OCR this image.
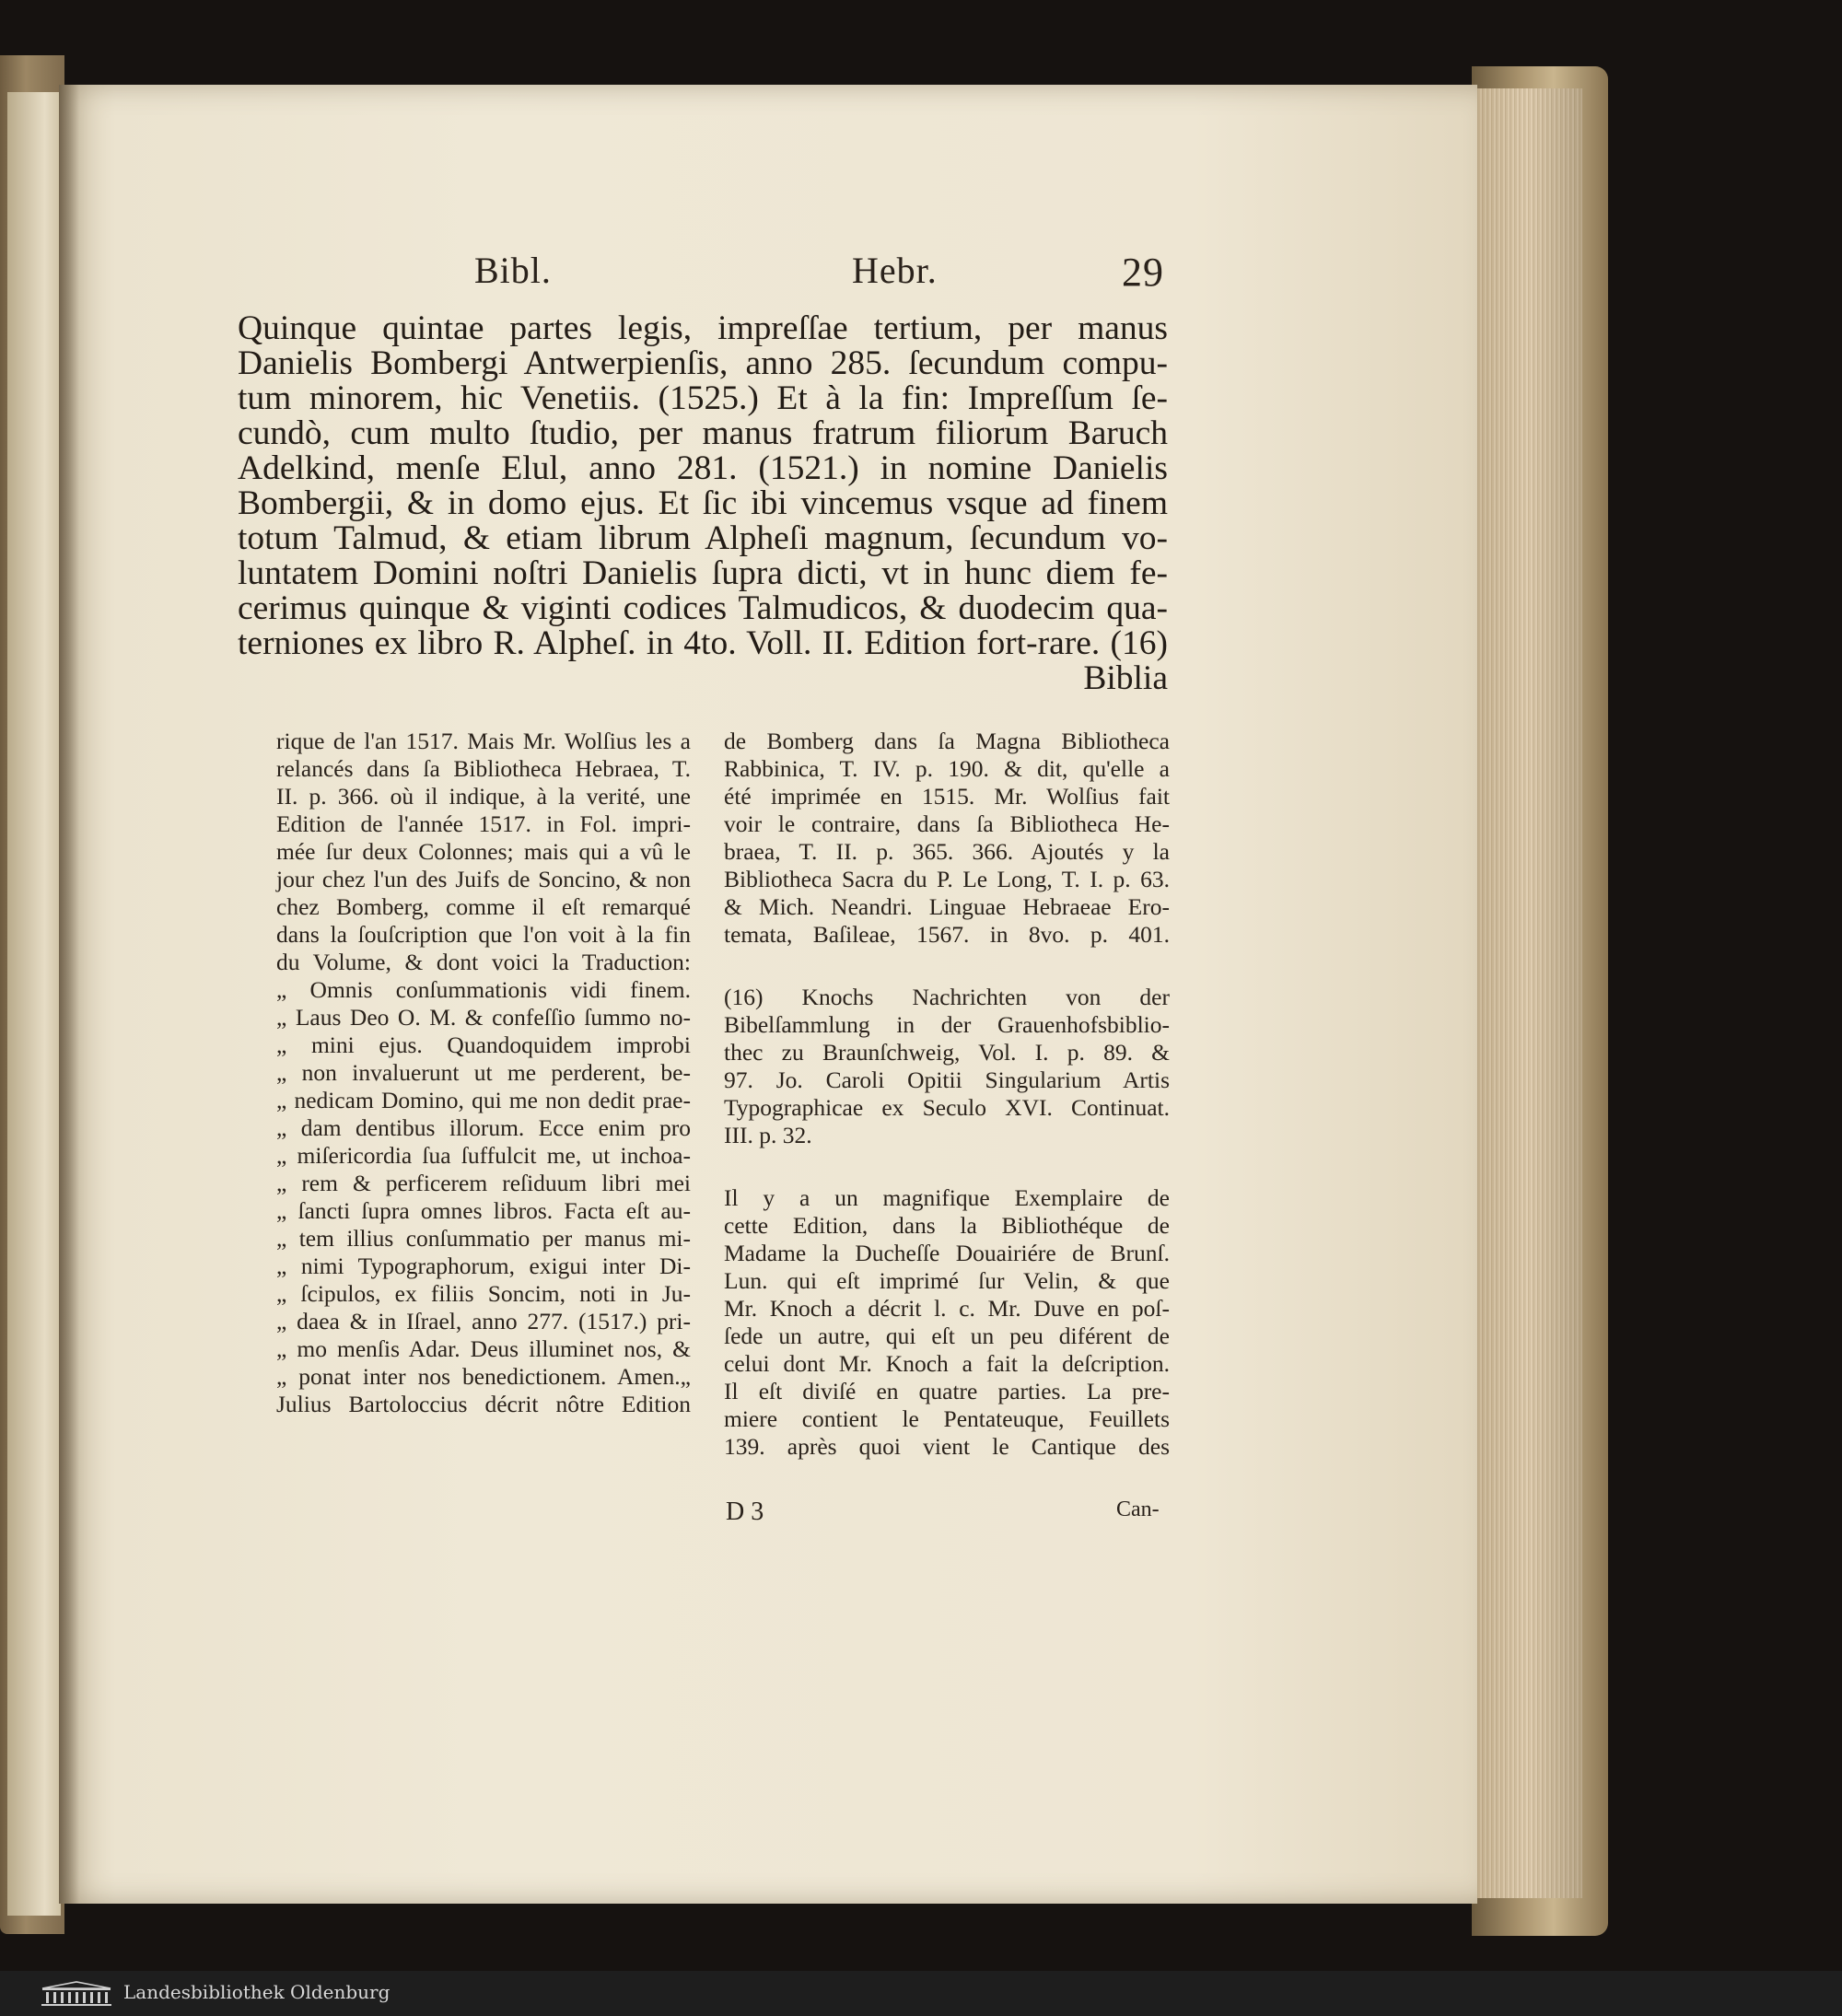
Bibl.	Hebr.	29
Quinque quintae partes legis, impreſſae tertium, per manus
Danielis Bombergi Antwerpienſis, anno 285. ſecundum compu-
tum minorem, hic Venetiis. (1525.) Et à la fin: Impreſſum ſe-
cundò, cum multo ſtudio, per manus fratrum filiorum Baruch
Adelkind, menſe Elul, anno 281. (1521.) in nomine Danielis
Bombergii, & in domo ejus. Et ſic ibi vincemus vsque ad finem
totum Talmud, & etiam librum Alpheſi magnum, ſecundum vo-
luntatem Domini noſtri Danielis ſupra dicti, vt in hunc diem fe-
cerimus quinque & viginti codices Talmudicos, & duodecim qua-
terniones ex libro R. Alpheſ. in 4to. Voll. II. Edition fort-rare. (16)
Biblia
rique de l'an 1517. Mais Mr. Wolſius les a
relancés dans ſa Bibliotheca Hebraea, T.
II. p. 366. où il indique, à la verité, une
Edition de l'année 1517. in Fol. impri-
mée ſur deux Colonnes; mais qui a vû le
jour chez l'un des Juifs de Soncino, & non
chez Bomberg, comme il eſt remarqué
dans la ſouſcription que l'on voit à la fin
du Volume, & dont voici la Traduction:
„ Omnis conſummationis vidi finem.
„ Laus Deo O. M. & confeſſio ſummo no-
„ mini ejus. Quandoquidem improbi
„ non invaluerunt ut me perderent, be-
„ nedicam Domino, qui me non dedit prae-
„ dam dentibus illorum. Ecce enim pro
„ miſericordia ſua ſuffulcit me, ut inchoa-
„ rem & perficerem reſiduum libri mei
„ ſancti ſupra omnes libros. Facta eſt au-
„ tem illius conſummatio per manus mi-
„ nimi Typographorum, exigui inter Di-
„ ſcipulos, ex filiis Soncim, noti in Ju-
„ daea & in Iſrael, anno 277. (1517.) pri-
„ mo menſis Adar. Deus illuminet nos, &
„ ponat inter nos benedictionem. Amen.„
Julius Bartoloccius décrit nôtre Edition
de Bomberg dans ſa Magna Bibliotheca
Rabbinica, T. IV. p. 190. & dit, qu'elle a
été imprimée en 1515. Mr. Wolſius fait
voir le contraire, dans ſa Bibliotheca He-
braea, T. II. p. 365. 366. Ajoutés y la
Bibliotheca Sacra du P. Le Long, T. I. p. 63.
& Mich. Neandri. Linguae Hebraeae Ero-
temata, Baſileae, 1567. in 8vo. p. 401.
(16) Knochs Nachrichten von der
Bibelſammlung in der Grauenhofsbiblio-
thec zu Braunſchweig, Vol. I. p. 89. &
97. Jo. Caroli Opitii Singularium Artis
Typographicae ex Seculo XVI. Continuat.
III. p. 32.
Il y a un magnifique Exemplaire de
cette Edition, dans la Bibliothéque de
Madame la Ducheſſe Douairiére de Brunſ.
Lun. qui eſt imprimé ſur Velin, & que
Mr. Knoch a décrit l. c. Mr. Duve en poſ-
ſede un autre, qui eſt un peu diférent de
celui dont Mr. Knoch a fait la deſcription.
Il eſt diviſé en quatre parties. La pre-
miere contient le Pentateuque, Feuillets
139. après quoi vient le Cantique des
D 3	Can-
Landesbibliothek Oldenburg
